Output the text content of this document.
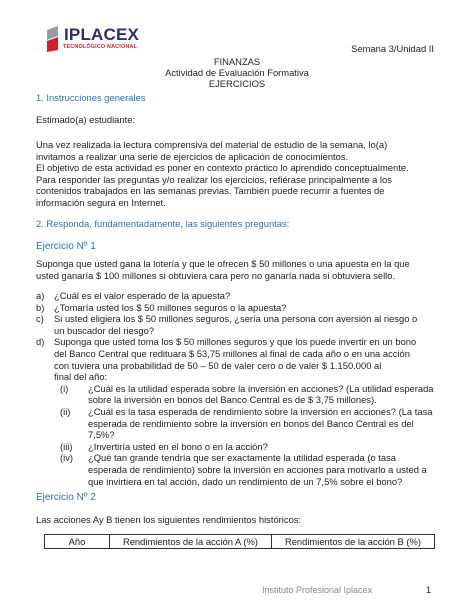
IPLACEX
TECNOLÓGICO NACIONAL	Semana 3/Unidad II
FINANZAS
Actividad de Evaluación Formativa
EJERCICIOS
1. Instrucciones generales
Estimado(a) estudiante:
Una vez realizada la lectura comprensiva del material de estudio de la semana, lo(a)
invitamos a realizar una serie de ejercicios de aplicación de conocimientos.
El objetivo de esta actividad es poner en contexto práctico lo aprendido conceptualmente.
Para responder las preguntas y/o realizar los ejercicios, refiérase principalmente a los
contenidos trabajados en las semanas previas. También puede recurrir a fuentes de
información segura en Internet.
2. Responda, fundamentadamente, las siguientes preguntas:
Ejercicio Nº 1
Suponga que usted gana la lotería y que le ofrecen $ 50 millones o una apuesta en la que
usted ganaría $ 100 millones si obtuviera cara pero no ganaría nada si obtuviera sello.
a) ¿Cuál es el valor esperado de la apuesta?
b) ¿Tomaría usted los $ 50 millones seguros o la apuesta?
c) Si usted eligiera los $ 50 millones seguros, ¿sería una persona con aversión al riesgo o
un buscador del riesgo?
d) Suponga que usted toma los $ 50 millones seguros y que los puede invertir en un bono
del Banco Central que redituara $ 53,75 millones al final de cada año o en una acción
con tuviera una probabilidad de 50 – 50 de valer cero o de valer $ 1.150.000 al
final del año:
(i) ¿Cuál es la utilidad esperada sobre la inversión en acciones? (La utilidad esperada
sobre la inversión en bonos del Banco Central es de $ 3,75 millones).
(ii) ¿Cuál es la tasa esperada de rendimiento sobre la inversión en acciones? (La tasa
esperada de rendimiento sobre la inversión en bonos del Banco Central es del
7,5%?
(iii) ¿Invertiría usted en el bono o en la acción?
(iv) ¿Qué tan grande tendría que ser exactamente la utilidad esperada (o tasa
esperada de rendimiento) sobre la inversión en acciones para motivarlo a usted a
que invirtiera en tal acción, dado un rendimiento de un 7,5% sobre el bono?
Ejercicio Nº 2
Las acciones Ay B tienen los siguientes rendimientos históricos:
Año	Rendimientos de la acción A (%)	Rendimientos de la acción B (%)
Instituto Profesional Iplacex	1
